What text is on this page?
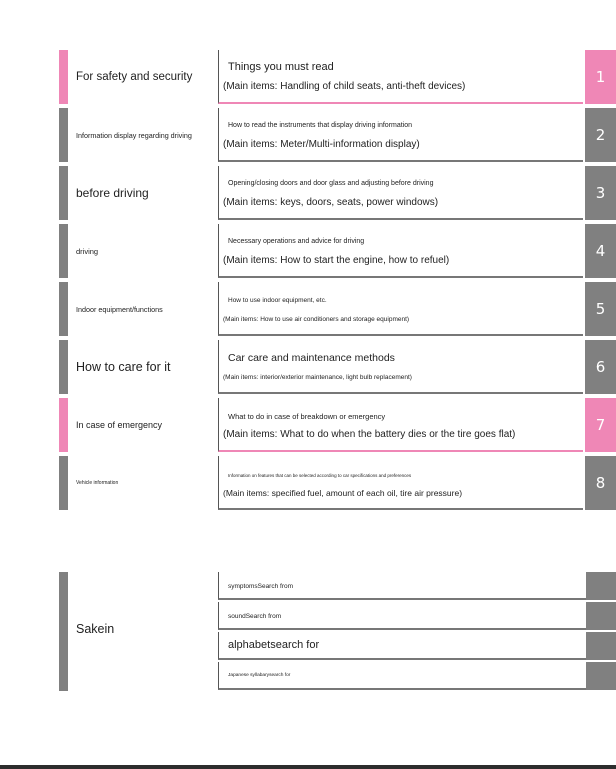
For safety and security
Things you must read
(Main items: Handling of child seats, anti-theft devices)
1
Information display regarding driving
How to read the instruments that display driving information
(Main items: Meter/Multi-information display)
2
before driving
Opening/closing doors and door glass and adjusting before driving
(Main items: keys, doors, seats, power windows)
3
driving
Necessary operations and advice for driving
(Main items: How to start the engine, how to refuel)
4
Indoor equipment/functions
How to use indoor equipment, etc.
(Main items: How to use air conditioners and storage equipment)
5
How to care for it
Car care and maintenance methods
(Main items: interior/exterior maintenance, light bulb replacement)
6
In case of emergency
What to do in case of breakdown or emergency
(Main items: What to do when the battery dies or the tire goes flat)
7
Vehicle information
Information on features that can be selected according to car specifications and preferences
(Main items: specified fuel, amount of each oil, tire air pressure)
8
Sakein
symptomsSearch from
soundSearch from
alphabetsearch for
Japanese syllabarysearch for
